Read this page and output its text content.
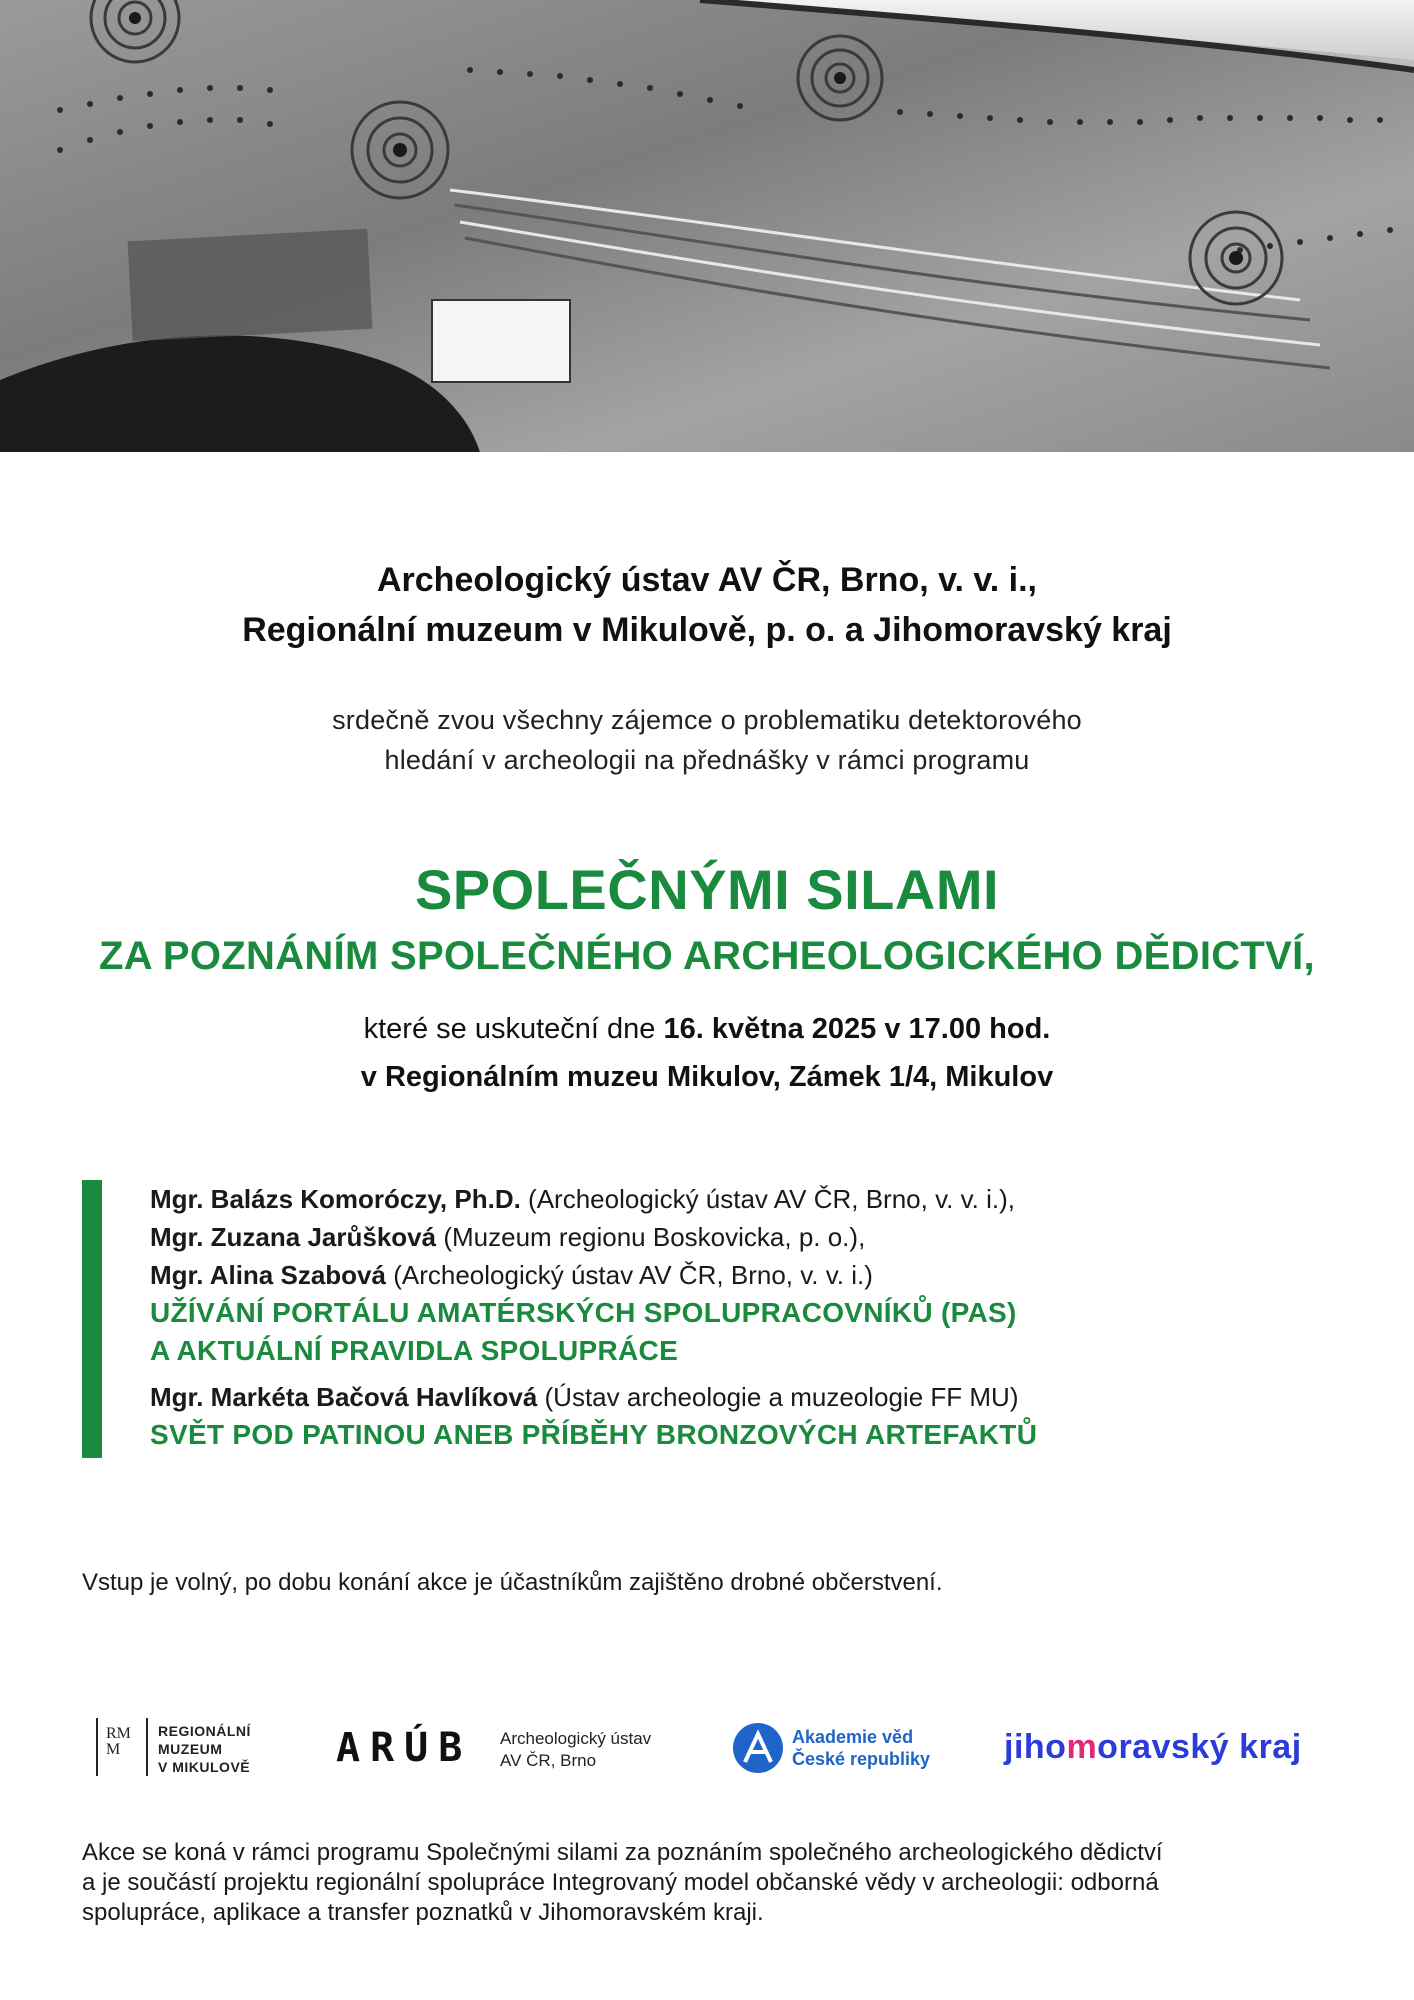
Archeologický ústav AV ČR, Brno, v. v. i.,
Regionální muzeum v Mikulově, p. o. a Jihomoravský kraj
srdečně zvou všechny zájemce o problematiku detektorového
hledání v archeologii na přednášky v rámci programu
SPOLEČNÝMI SILAMI
ZA POZNÁNÍM SPOLEČNÉHO ARCHEOLOGICKÉHO DĚDICTVÍ,
které se uskuteční dne 16. května 2025 v 17.00 hod.
v Regionálním muzeu Mikulov, Zámek 1/4, Mikulov
Mgr. Balázs Komoróczy, Ph.D. (Archeologický ústav AV ČR, Brno, v. v. i.),
Mgr. Zuzana Jarůšková (Muzeum regionu Boskovicka, p. o.),
Mgr. Alina Szabová (Archeologický ústav AV ČR, Brno, v. v. i.)
UŽÍVÁNÍ PORTÁLU AMATÉRSKÝCH SPOLUPRACOVNÍKŮ (PAS)
A AKTUÁLNÍ PRAVIDLA SPOLUPRÁCE
Mgr. Markéta Bačová Havlíková (Ústav archeologie a muzeologie FF MU)
SVĚT POD PATINOU ANEB PŘÍBĚHY BRONZOVÝCH ARTEFAKTŮ
Vstup je volný, po dobu konání akce je účastníkům zajištěno drobné občerstvení.
RMM
REGIONÁLNÍ
MUZEUM
V MIKULOVĚ ARÚB Archeologický ústav
AV ČR, Brno
Akademie věd
České republiky jihomoravský kraj
Akce se koná v rámci programu Společnými silami za poznáním společného archeologického dědictví
a je součástí projektu regionální spolupráce Integrovaný model občanské vědy v archeologii: odborná
spolupráce, aplikace a transfer poznatků v Jihomoravském kraji.
